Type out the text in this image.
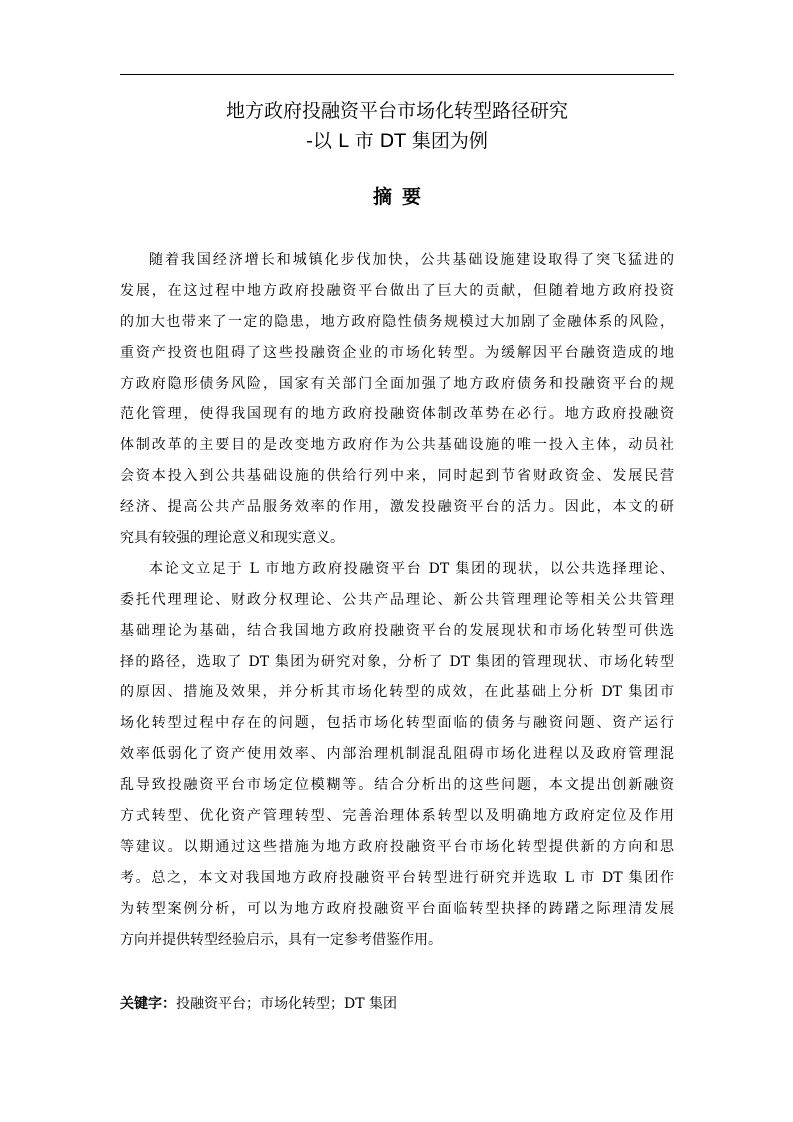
地方政府投融资平台市场化转型路径研究
-以 L 市 DT 集团为例
摘要
随着我国经济增长和城镇化步伐加快，公共基础设施建设取得了突飞猛进的
发展，在这过程中地方政府投融资平台做出了巨大的贡献，但随着地方政府投资
的加大也带来了一定的隐患，地方政府隐性债务规模过大加剧了金融体系的风险，
重资产投资也阻碍了这些投融资企业的市场化转型。为缓解因平台融资造成的地
方政府隐形债务风险，国家有关部门全面加强了地方政府债务和投融资平台的规
范化管理，使得我国现有的地方政府投融资体制改革势在必行。地方政府投融资
体制改革的主要目的是改变地方政府作为公共基础设施的唯一投入主体，动员社
会资本投入到公共基础设施的供给行列中来，同时起到节省财政资金、发展民营
经济、提高公共产品服务效率的作用，激发投融资平台的活力。因此，本文的研
究具有较强的理论意义和现实意义。
本论文立足于 L 市地方政府投融资平台 DT 集团的现状，以公共选择理论、
委托代理理论、财政分权理论、公共产品理论、新公共管理理论等相关公共管理
基础理论为基础，结合我国地方政府投融资平台的发展现状和市场化转型可供选
择的路径，选取了 DT 集团为研究对象，分析了 DT 集团的管理现状、市场化转型
的原因、措施及效果，并分析其市场化转型的成效，在此基础上分析 DT 集团市
场化转型过程中存在的问题，包括市场化转型面临的债务与融资问题、资产运行
效率低弱化了资产使用效率、内部治理机制混乱阻碍市场化进程以及政府管理混
乱导致投融资平台市场定位模糊等。结合分析出的这些问题，本文提出创新融资
方式转型、优化资产管理转型、完善治理体系转型以及明确地方政府定位及作用
等建议。以期通过这些措施为地方政府投融资平台市场化转型提供新的方向和思
考。总之，本文对我国地方政府投融资平台转型进行研究并选取 L 市 DT 集团作
为转型案例分析，可以为地方政府投融资平台面临转型抉择的踌躇之际理清发展
方向并提供转型经验启示，具有一定参考借鉴作用。
关键字：投融资平台；市场化转型；DT 集团
